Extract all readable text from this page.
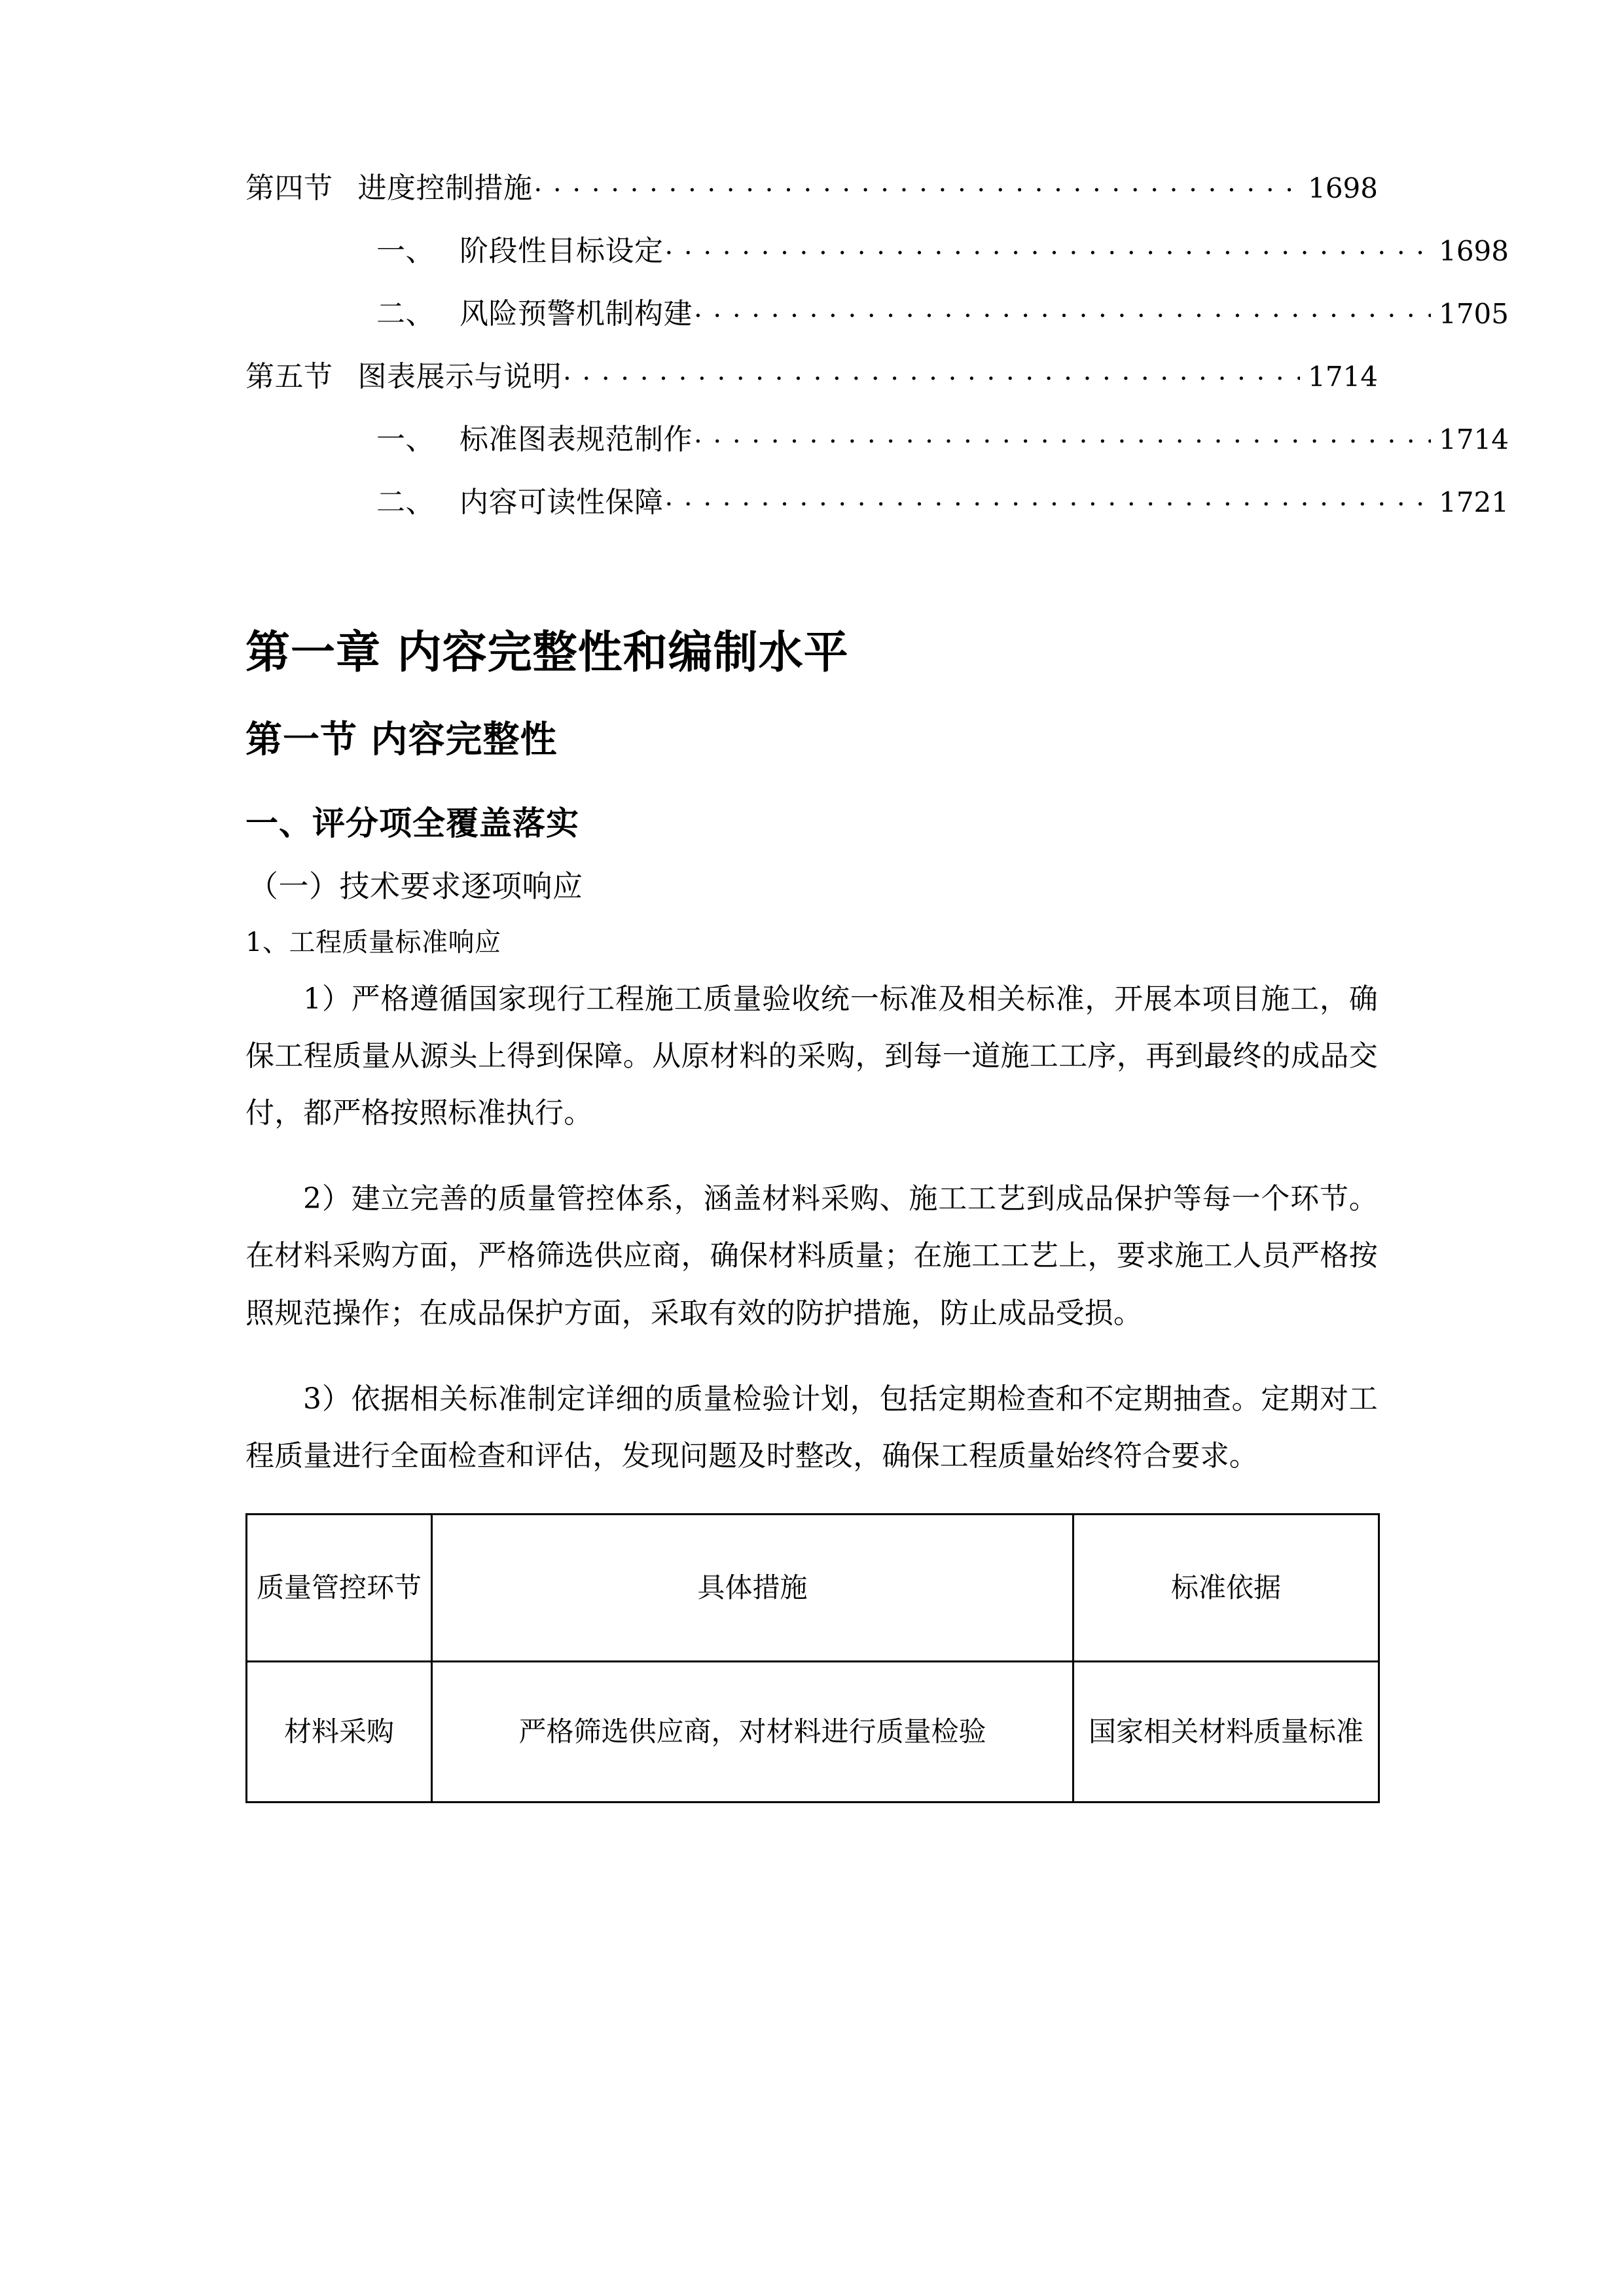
第四节 进度控制措施 . . .	1698
一、 阶段性目标设定 . . .	1698
二、 风险预警机制构建 . . .	1705
第五节 图表展示与说明 . . .	1714
一、 标准图表规范制作 . . .	1714
二、 内容可读性保障 . . .	1721
第一章 内容完整性和编制水平
第一节 内容完整性
一、评分项全覆盖落实
（一）技术要求逐项响应
1、工程质量标准响应

1）严格遵循国家现行工程施工质量验收统一标准及相关标准，开展本项目施工，确保工程质量从源头上得到保障。从原材料的采购，到每一道施工工序，再到最终的成品交付，都严格按照标准执行。

2）建立完善的质量管控体系，涵盖材料采购、施工工艺到成品保护等每一个环节。在材料采购方面，严格筛选供应商，确保材料质量；在施工工艺上，要求施工人员严格按照规范操作；在成品保护方面，采取有效的防护措施，防止成品受损。

3）依据相关标准制定详细的质量检验计划，包括定期检查和不定期抽查。定期对工程质量进行全面检查和评估，发现问题及时整改，确保工程质量始终符合要求。

质量管控环节	具体措施	标准依据
材料采购	严格筛选供应商，对材料进行质量检验	国家相关材料质量标准
